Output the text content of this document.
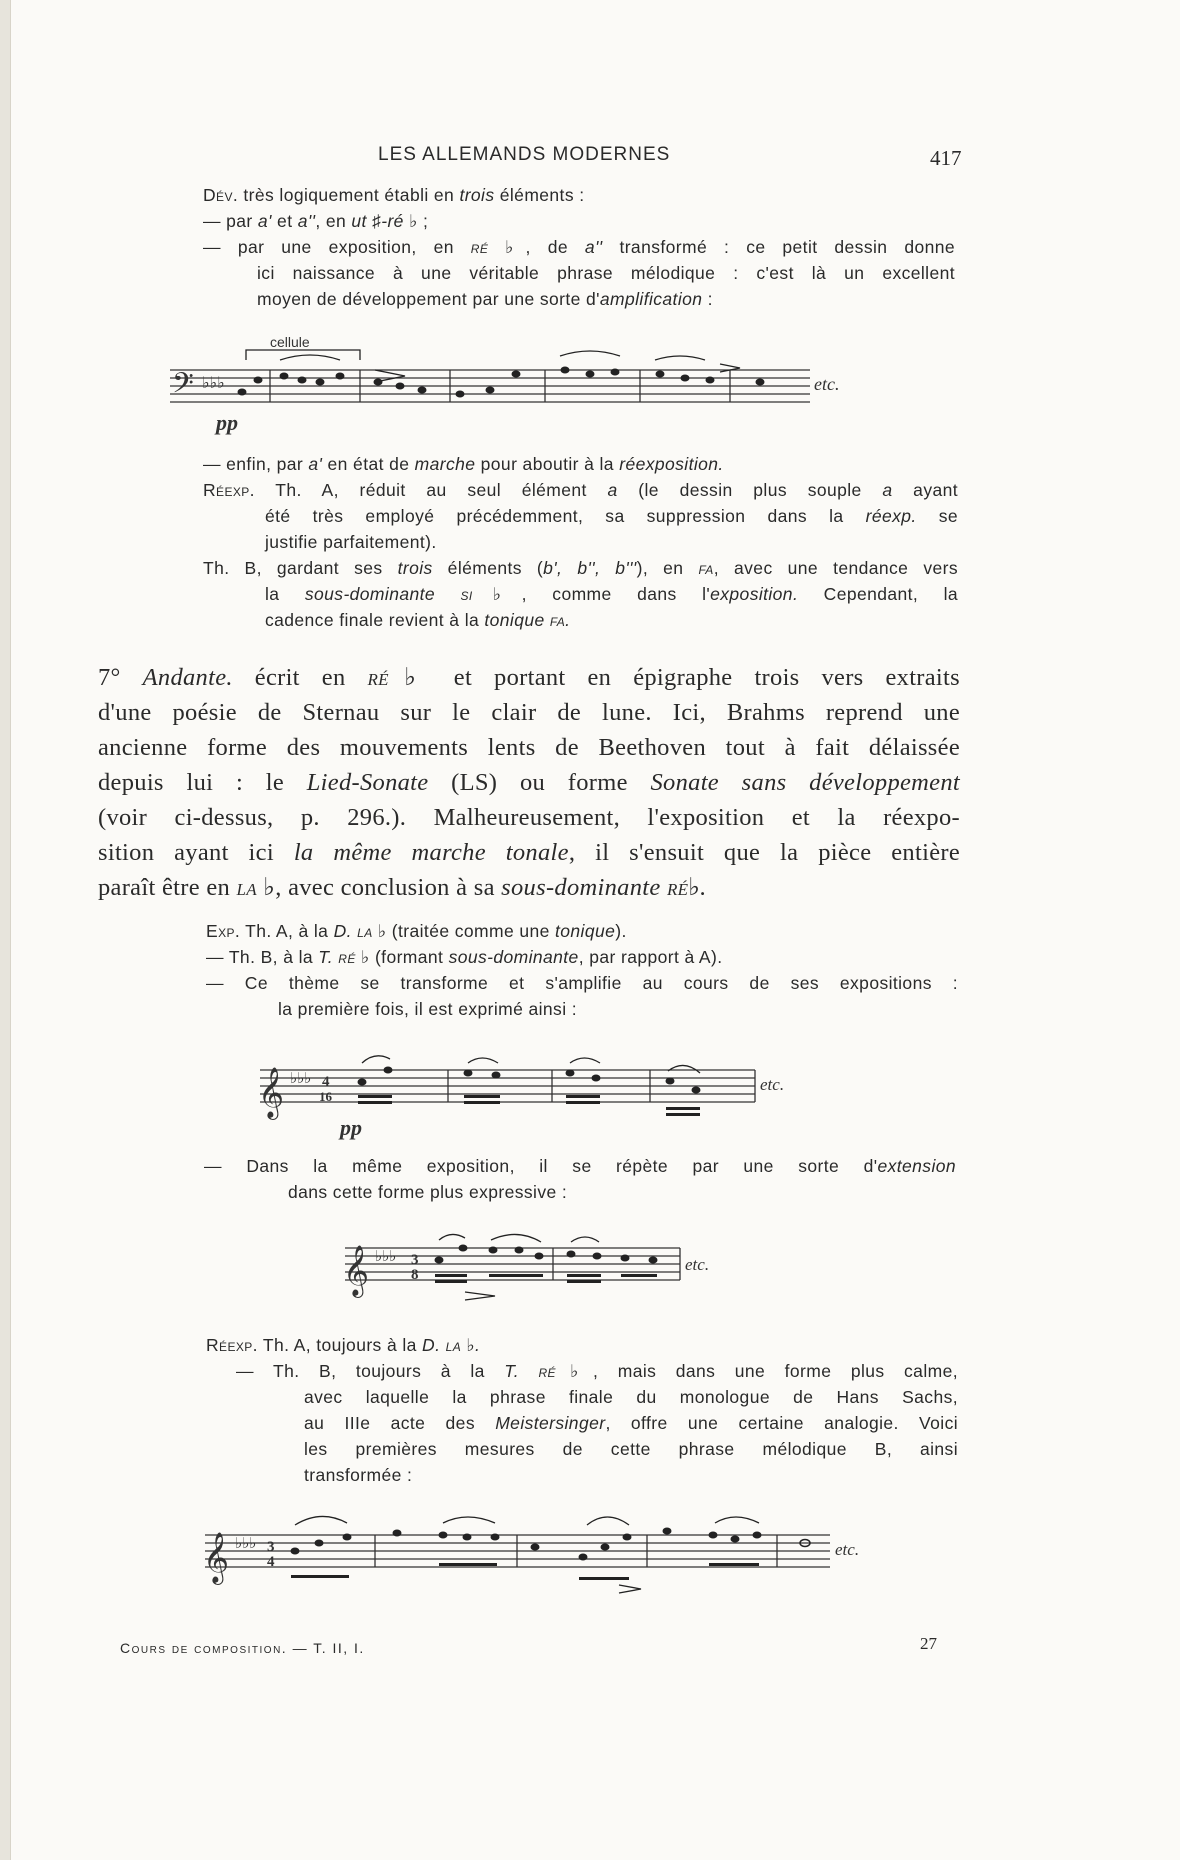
LES ALLEMANDS MODERNES	417
Dév. très logiquement établi en trois éléments :
— par a' et a'', en ut ♯-ré ♭ ;
— par une exposition, en ré ♭, de a'' transformé : ce petit dessin donne
ici naissance à une véritable phrase mélodique : c'est là un excellent
moyen de développement par une sorte d'amplification :
𝄢 ♭♭♭
cellule
pp
etc.
— enfin, par a' en état de marche pour aboutir à la réexposition.
Réexp. Th. A, réduit au seul élément a (le dessin plus souple a ayant
été très employé précédemment, sa suppression dans la réexp. se
justifie parfaitement).
Th. B, gardant ses trois éléments (b', b'', b'''), en fa, avec une tendance vers
la sous-dominante si♭, comme dans l'exposition. Cependant, la
cadence finale revient à la tonique fa.
7° Andante. écrit en ré♭ et portant en épigraphe trois vers extraits
d'une poésie de Sternau sur le clair de lune. Ici, Brahms reprend une
ancienne forme des mouvements lents de Beethoven tout à fait délaissée
depuis lui : le Lied-Sonate (LS) ou forme Sonate sans développement
(voir ci-dessus, p. 296.). Malheureusement, l'exposition et la réexpo-
sition ayant ici la même marche tonale, il s'ensuit que la pièce entière
paraît être en la ♭, avec conclusion à sa sous-dominante ré♭.
Exp. Th. A, à la D. la ♭ (traitée comme une tonique).
— Th. B, à la T. ré ♭ (formant sous-dominante, par rapport à A).
— Ce thème se transforme et s'amplifie au cours de ses expositions :
la première fois, il est exprimé ainsi :
𝄞 ♭♭♭ 4
16
pp
etc.
— Dans la même exposition, il se répète par une sorte d'extension
dans cette forme plus expressive :
𝄞 ♭♭♭ 3
8
etc.
Réexp. Th. A, toujours à la D. la ♭.
— Th. B, toujours à la T. ré♭, mais dans une forme plus calme,
avec laquelle la phrase finale du monologue de Hans Sachs,
au IIIe acte des Meistersinger, offre une certaine analogie. Voici
les premières mesures de cette phrase mélodique B, ainsi
transformée :
𝄞 ♭♭♭ 3
4
etc.
Cours de composition. — T. II, I.	27
